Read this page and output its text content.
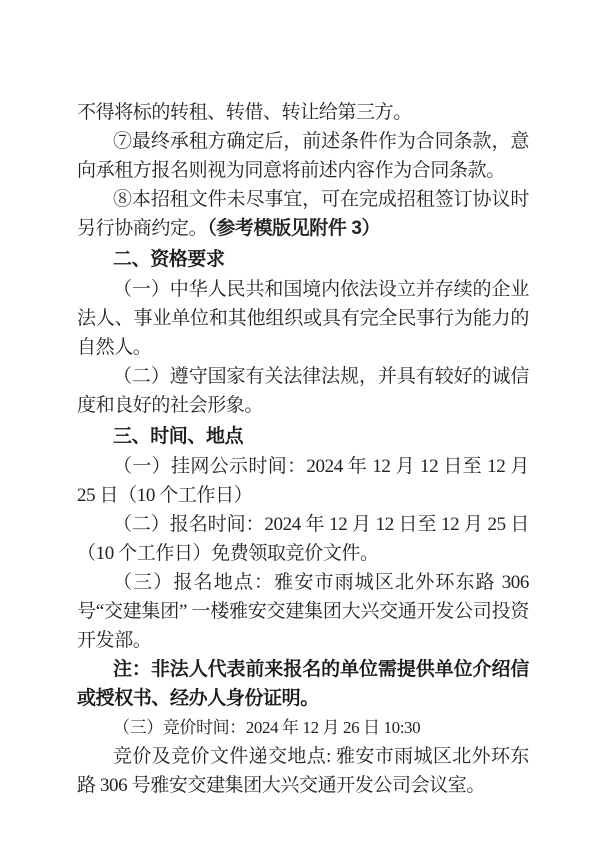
不得将标的转租、转借、转让给第三方。

⑦最终承租方确定后，前述条件作为合同条款，意向承租方报名则视为同意将前述内容作为合同条款。

⑧本招租文件未尽事宜，可在完成招租签订协议时另行协商约定。（参考模版见附件 3）

二、资格要求

（一）中华人民共和国境内依法设立并存续的企业法人、事业单位和其他组织或具有完全民事行为能力的自然人。

（二）遵守国家有关法律法规，并具有较好的诚信度和良好的社会形象。

三、时间、地点

（一）挂网公示时间：2024 年 12 月 12 日至 12 月 25 日（10 个工作日）

（二）报名时间：2024 年 12 月 12 日至 12 月 25 日（10 个工作日）免费领取竞价文件。

（三）报名地点：雅安市雨城区北外环东路 306 号“交建集团” 一楼雅安交建集团大兴交通开发公司投资开发部。

注：非法人代表前来报名的单位需提供单位介绍信或授权书、经办人身份证明。

（三）竞价时间：2024 年 12 月 26 日 10:30

竞价及竞价文件递交地点: 雅安市雨城区北外环东路 306 号雅安交建集团大兴交通开发公司会议室。
